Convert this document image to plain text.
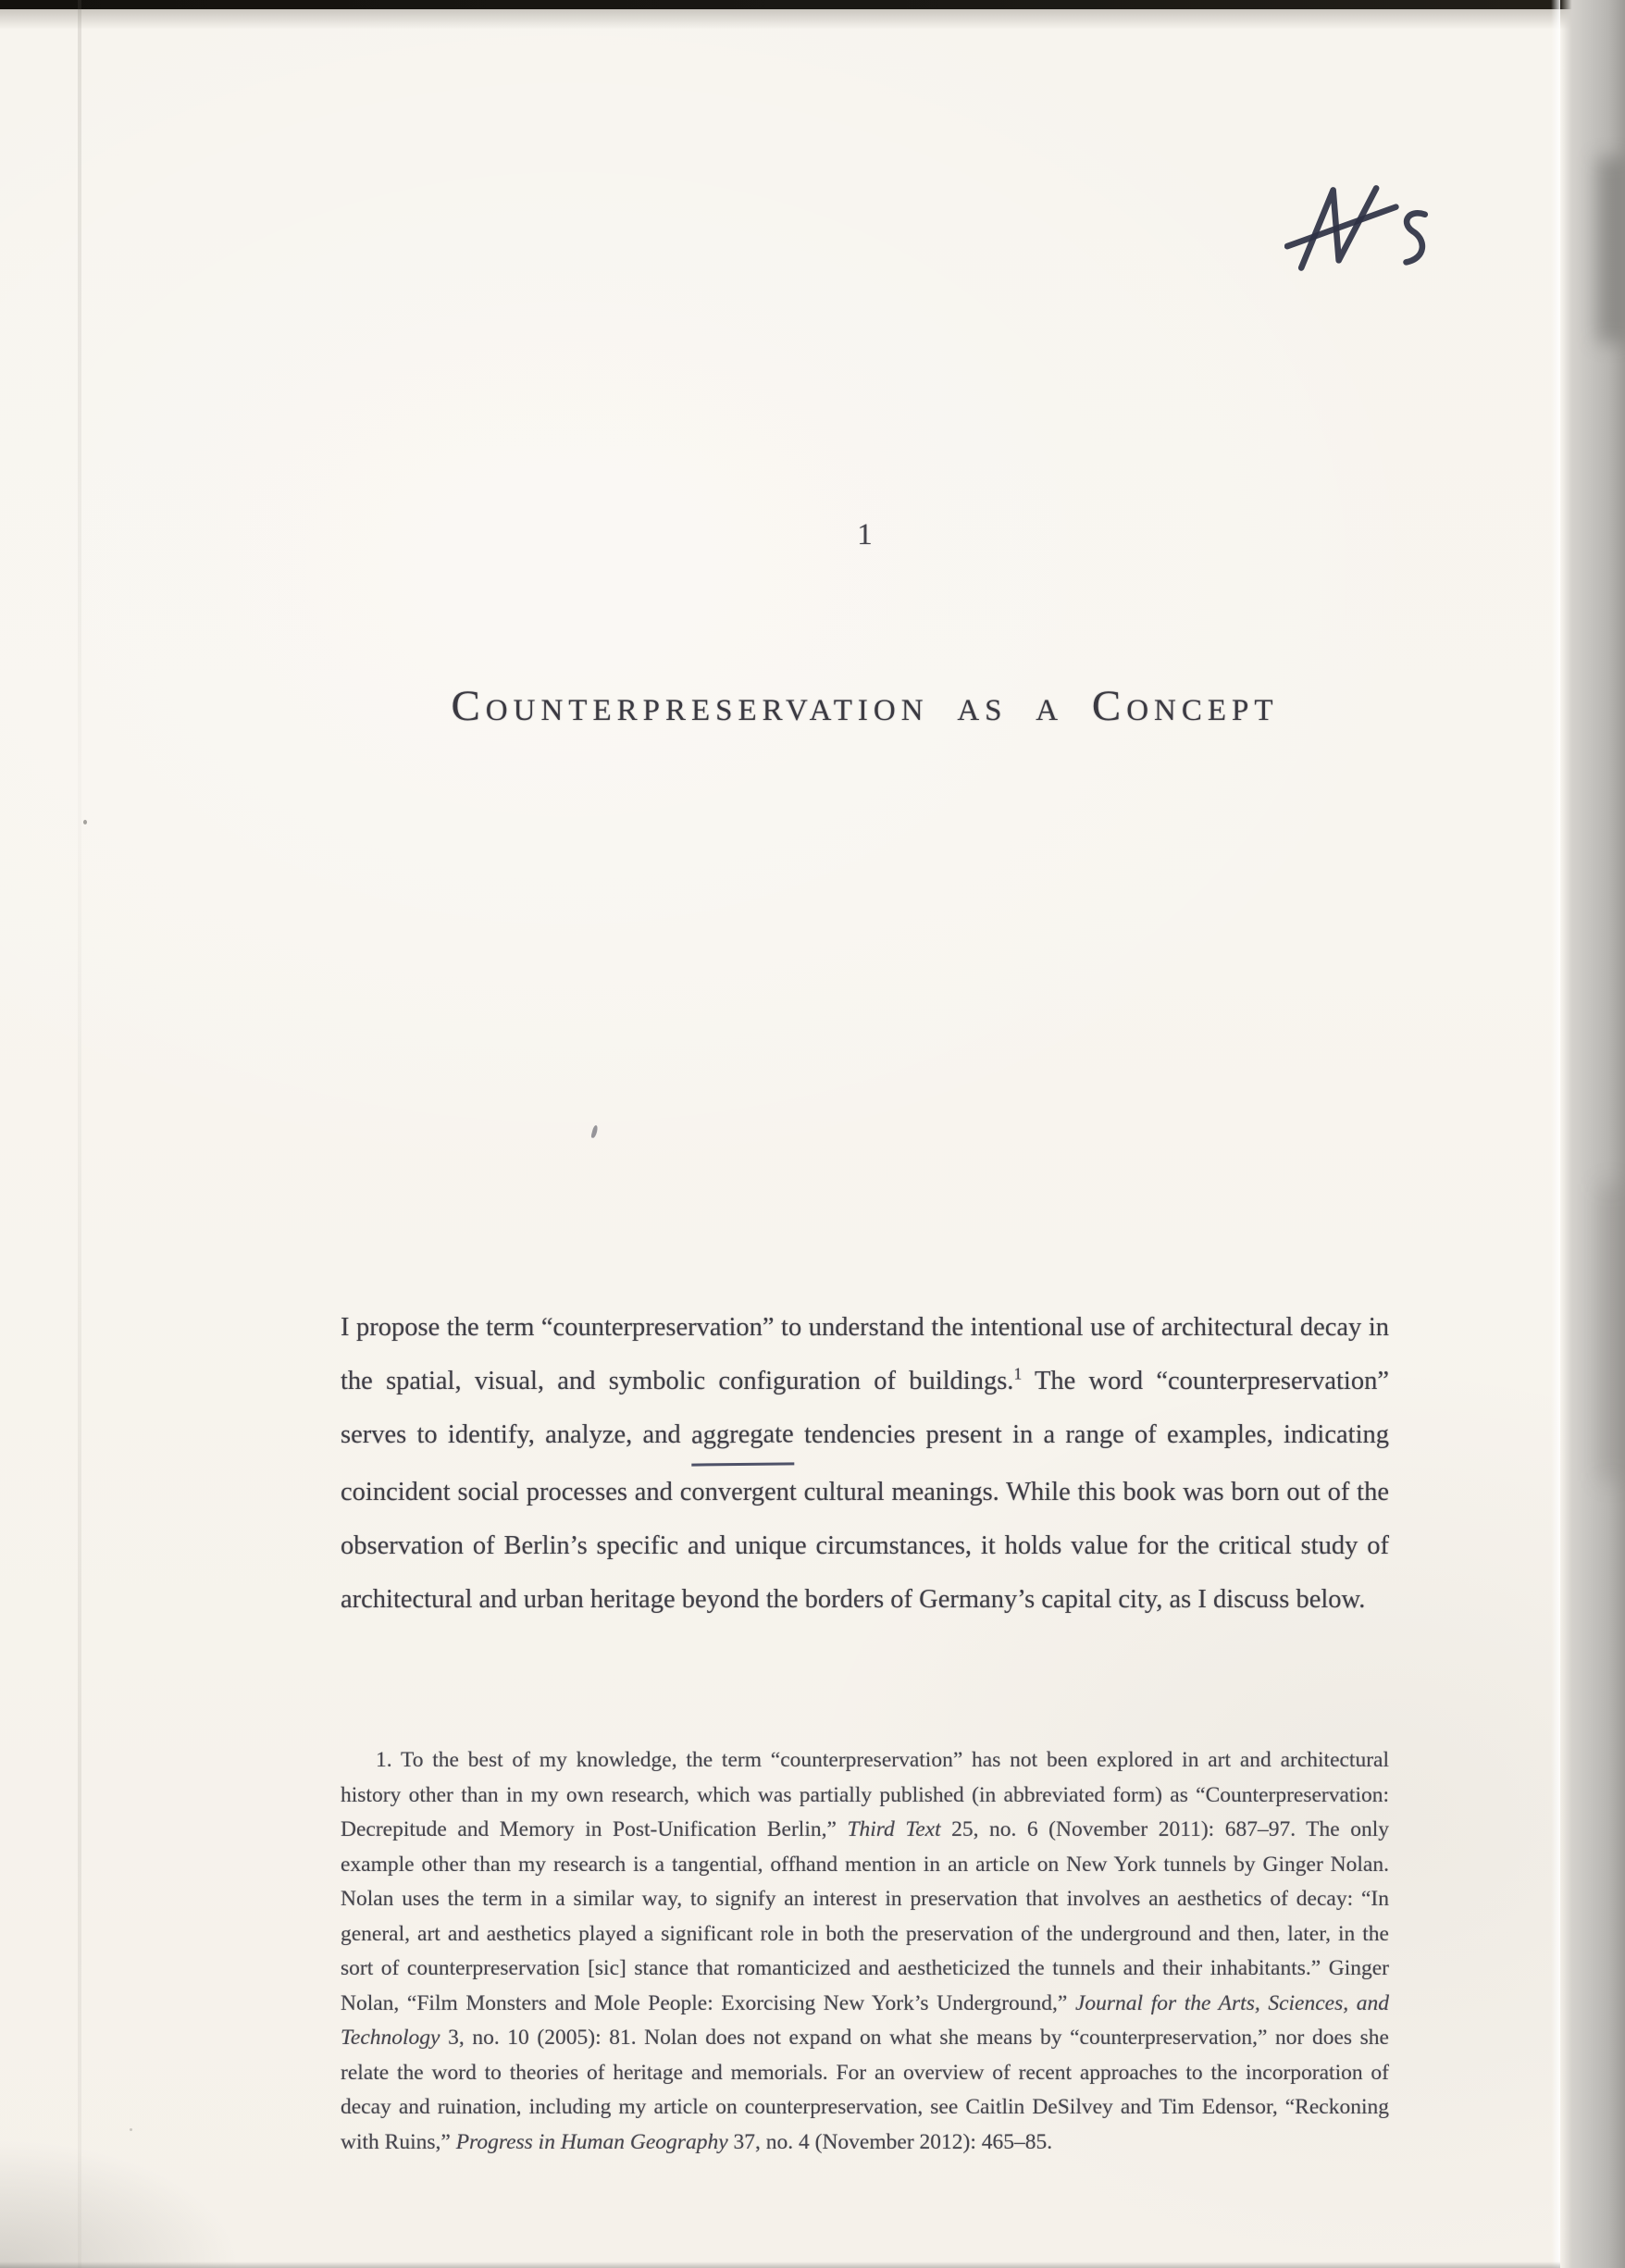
1
Counterpreservation as a Concept

I propose the term “counterpreservation” to understand the intentional use of architectural decay in the spatial, visual, and symbolic configuration of buildings.$^1$ The word “counterpreservation” serves to identify, analyze, and aggregate tendencies present in a range of examples, indicating coincident social processes and convergent cultural meanings. While this book was born out of the observation of Berlin’s specific and unique circumstances, it holds value for the critical study of architectural and urban heritage beyond the borders of Germany’s capital city, as I discuss below.

1. To the best of my knowledge, the term “counterpreservation” has not been explored in art and architectural history other than in my own research, which was partially published (in abbreviated form) as “Counterpreservation: Decrepitude and Memory in Post-Unification Berlin,” Third Text 25, no. 6 (November 2011): 687–97. The only example other than my research is a tangential, offhand mention in an article on New York tunnels by Ginger Nolan. Nolan uses the term in a similar way, to signify an interest in preservation that involves an aesthetics of decay: “In general, art and aesthetics played a significant role in both the preservation of the underground and then, later, in the sort of counterpreservation [sic] stance that romanticized and aestheticized the tunnels and their inhabitants.” Ginger Nolan, “Film Monsters and Mole People: Exorcising New York’s Underground,” Journal for the Arts, Sciences, and Technology 3, no. 10 (2005): 81. Nolan does not expand on what she means by “counterpreservation,” nor does she relate the word to theories of heritage and memorials. For an overview of recent approaches to the incorporation of decay and ruination, including my article on counterpreservation, see Caitlin DeSilvey and Tim Edensor, “Reckoning with Ruins,” Progress in Human Geography 37, no. 4 (November 2012): 465–85.
